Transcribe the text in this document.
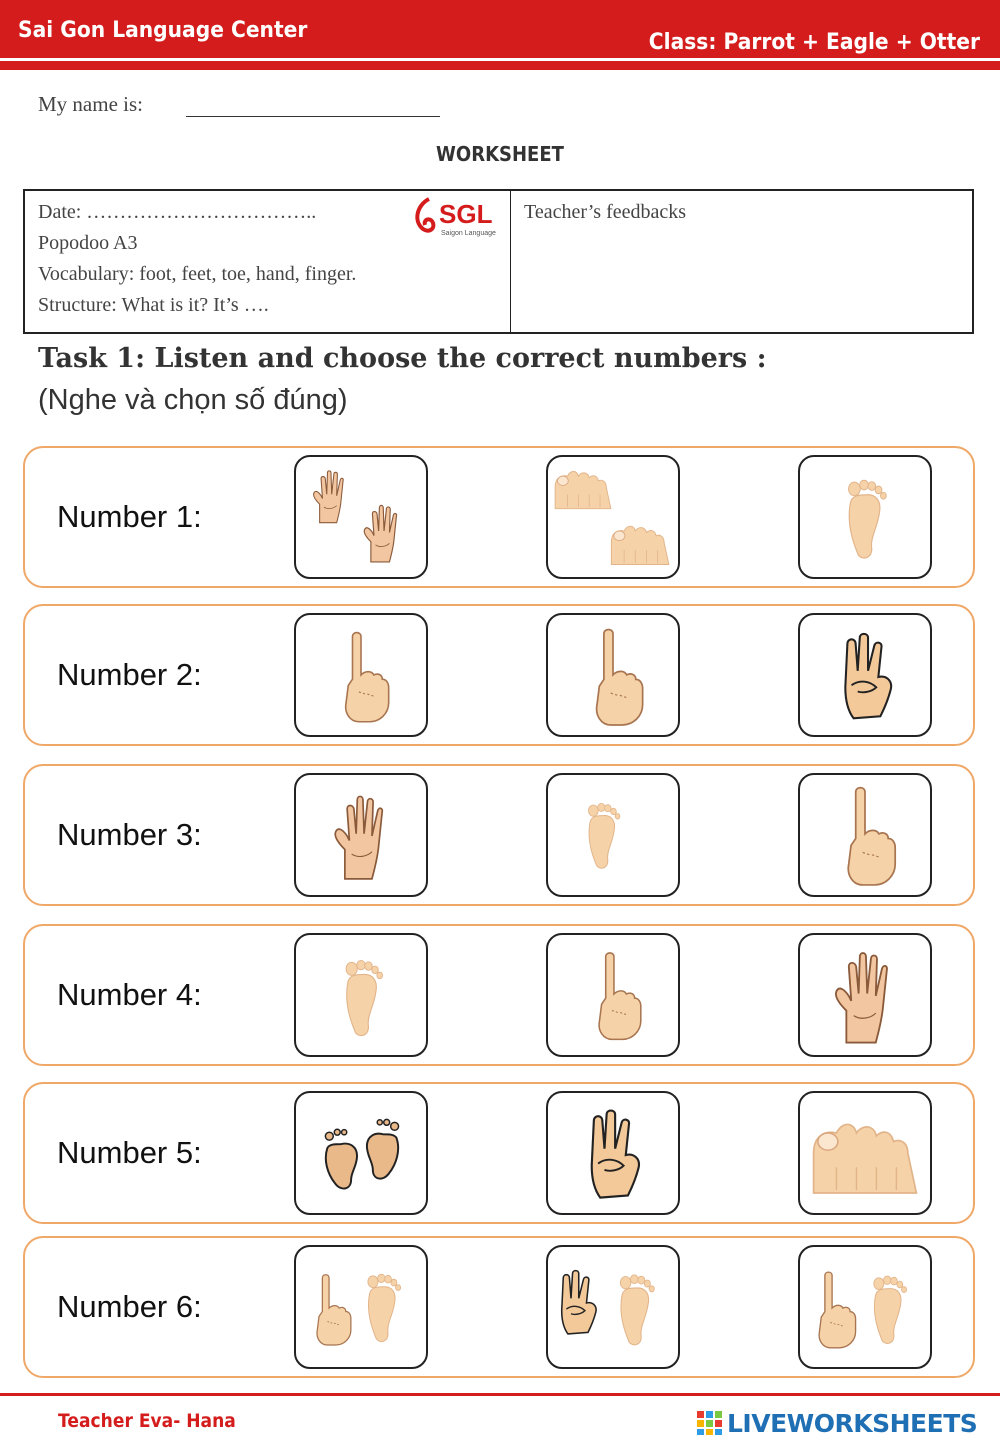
Sai Gon Language Center	Class: Parrot + Eagle + Otter
My name is:
WORKSHEET
Date: ……………………………..
Popodoo A3
Vocabulary: foot, feet, toe, hand, finger.
Structure: What is it? It’s ….
SGL
Saigon Language
Teacher’s feedbacks
Task 1: Listen and choose the correct numbers :
(Nghe và chọn số đúng)
Number 1:
Number 2:
Number 3:
Number 4:
Number 5:
Number 6:
Teacher Eva- Hana	LIVEWORKSHEETS
